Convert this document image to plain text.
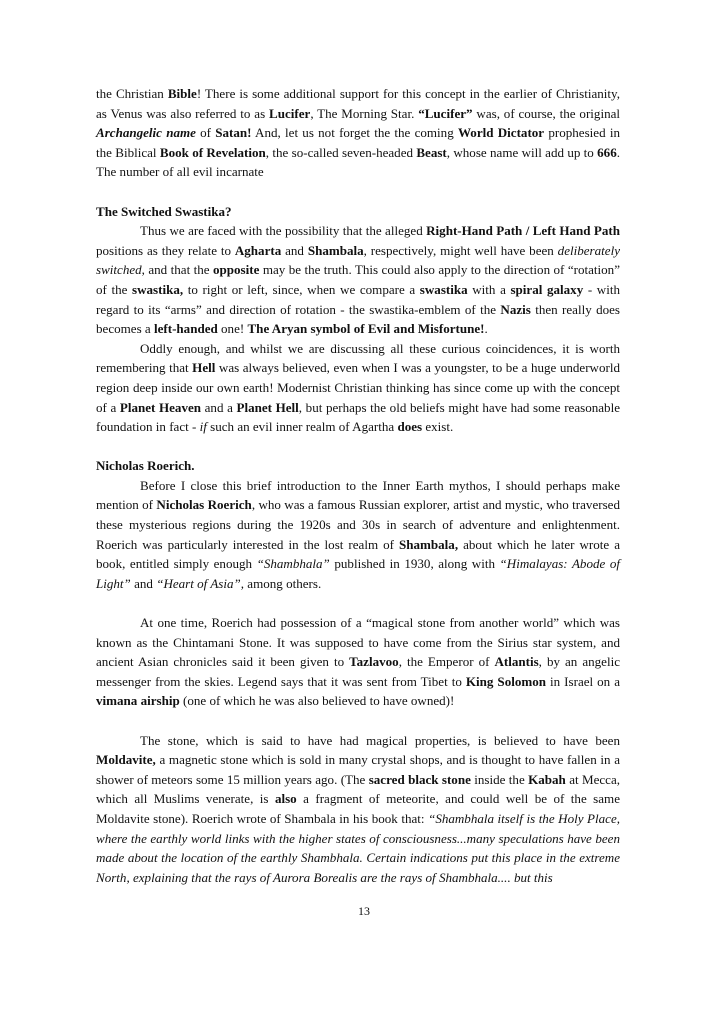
the Christian Bible! There is some additional support for this concept in the earlier of Christianity, as Venus was also referred to as Lucifer, The Morning Star. “Lucifer” was, of course, the original Archangelic name of Satan! And, let us not forget the the coming World Dictator prophesied in the Biblical Book of Revelation, the so-called seven-headed Beast, whose name will add up to 666. The number of all evil incarnate

The Switched Swastika?

Thus we are faced with the possibility that the alleged Right-Hand Path / Left Hand Path positions as they relate to Agharta and Shambala, respectively, might well have been deliberately switched, and that the opposite may be the truth. This could also apply to the direction of “rotation” of the swastika, to right or left, since, when we compare a swastika with a spiral galaxy - with regard to its “arms” and direction of rotation - the swastika-emblem of the Nazis then really does becomes a left-handed one! The Aryan symbol of Evil and Misfortune!.

Oddly enough, and whilst we are discussing all these curious coincidences, it is worth remembering that Hell was always believed, even when I was a youngster, to be a huge underworld region deep inside our own earth! Modernist Christian thinking has since come up with the concept of a Planet Heaven and a Planet Hell, but perhaps the old beliefs might have had some reasonable foundation in fact - if such an evil inner realm of Agartha does exist.

Nicholas Roerich.

Before I close this brief introduction to the Inner Earth mythos, I should perhaps make mention of Nicholas Roerich, who was a famous Russian explorer, artist and mystic, who traversed these mysterious regions during the 1920s and 30s in search of adventure and enlightenment. Roerich was particularly interested in the lost realm of Shambala, about which he later wrote a book, entitled simply enough “Shambhala” published in 1930, along with “Himalayas: Abode of Light” and “Heart of Asia”, among others.

At one time, Roerich had possession of a “magical stone from another world” which was known as the Chintamani Stone. It was supposed to have come from the Sirius star system, and ancient Asian chronicles said it been given to Tazlavoo, the Emperor of Atlantis, by an angelic messenger from the skies. Legend says that it was sent from Tibet to King Solomon in Israel on a vimana airship (one of which he was also believed to have owned)!

The stone, which is said to have had magical properties, is believed to have been Moldavite, a magnetic stone which is sold in many crystal shops, and is thought to have fallen in a shower of meteors some 15 million years ago. (The sacred black stone inside the Kabah at Mecca, which all Muslims venerate, is also a fragment of meteorite, and could well be of the same Moldavite stone). Roerich wrote of Shambala in his book that: “Shambhala itself is the Holy Place, where the earthly world links with the higher states of consciousness...many speculations have been made about the location of the earthly Shambhala. Certain indications put this place in the extreme North, explaining that the rays of Aurora Borealis are the rays of Shambhala.... but this

13
